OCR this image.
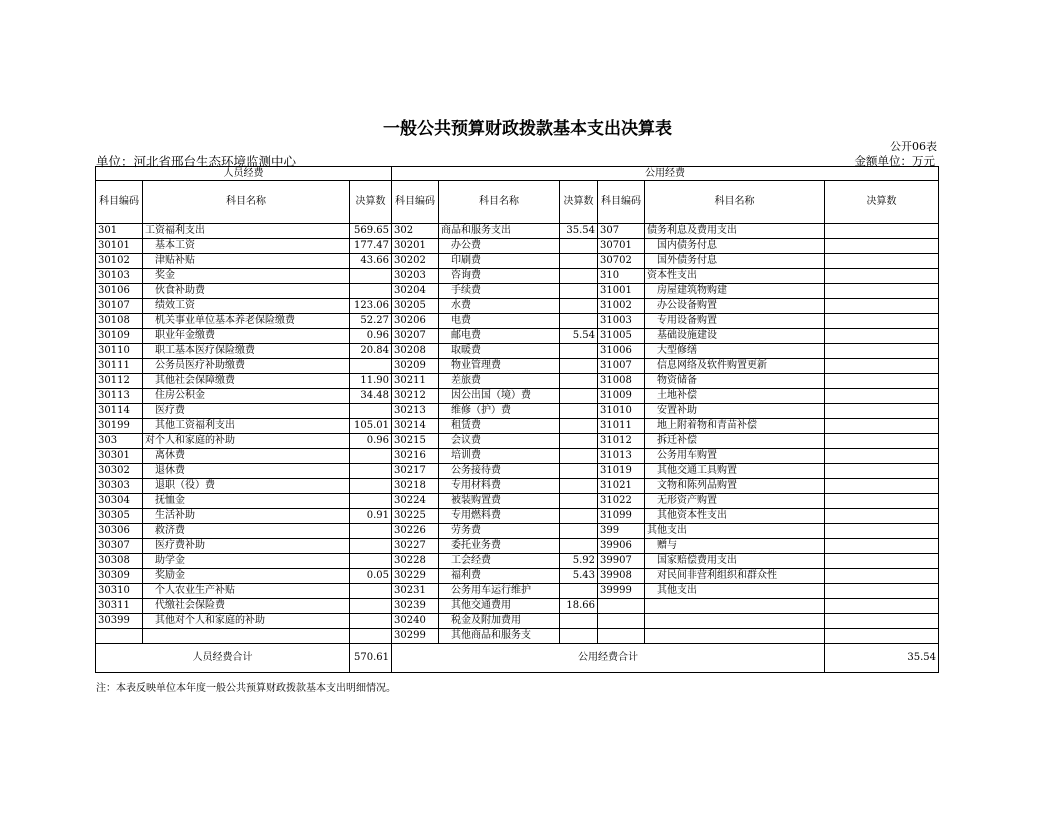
一般公共预算财政拨款基本支出决算表
公开06表
单位：河北省邢台生态环境监测中心	金额单位：万元
人员经费			公用经费					
科目编码	科目名称	决算数	科目编码	科目名称	决算数	科目编码	科目名称	决算数
301	工资福利支出	569.65	302	商品和服务支出	35.54	307	债务利息及费用支出	
30101	基本工资	177.47	30201	办公费		30701	国内债务付息	
30102	津贴补贴	43.66	30202	印刷费		30702	国外债务付息	
30103	奖金		30203	咨询费		310	资本性支出	
30106	伙食补助费		30204	手续费		31001	房屋建筑物购建	
30107	绩效工资	123.06	30205	水费		31002	办公设备购置	
30108	机关事业单位基本养老保险缴费	52.27	30206	电费		31003	专用设备购置	
30109	职业年金缴费	0.96	30207	邮电费	5.54	31005	基础设施建设	
30110	职工基本医疗保险缴费	20.84	30208	取暖费		31006	大型修缮	
30111	公务员医疗补助缴费		30209	物业管理费		31007	信息网络及软件购置更新	
30112	其他社会保障缴费	11.90	30211	差旅费		31008	物资储备	
30113	住房公积金	34.48	30212	因公出国（境）费		31009	土地补偿	
30114	医疗费		30213	维修（护）费		31010	安置补助	
30199	其他工资福利支出	105.01	30214	租赁费		31011	地上附着物和青苗补偿	
303	对个人和家庭的补助	0.96	30215	会议费		31012	拆迁补偿	
30301	离休费		30216	培训费		31013	公务用车购置	
30302	退休费		30217	公务接待费		31019	其他交通工具购置	
30303	退职（役）费		30218	专用材料费		31021	文物和陈列品购置	
30304	抚恤金		30224	被装购置费		31022	无形资产购置	
30305	生活补助	0.91	30225	专用燃料费		31099	其他资本性支出	
30306	救济费		30226	劳务费		399	其他支出	
30307	医疗费补助		30227	委托业务费		39906	赠与	
30308	助学金		30228	工会经费	5.92	39907	国家赔偿费用支出	
30309	奖励金	0.05	30229	福利费	5.43	39908	对民间非营利组织和群众性	
30310	个人农业生产补贴		30231	公务用车运行维护		39999	其他支出	
30311	代缴社会保险费		30239	其他交通费用	18.66			
30399	其他对个人和家庭的补助		30240	税金及附加费用				
			30299	其他商品和服务支				
人员经费合计		570.61	公用经费合计					35.54
注：本表反映单位本年度一般公共预算财政拨款基本支出明细情况。
